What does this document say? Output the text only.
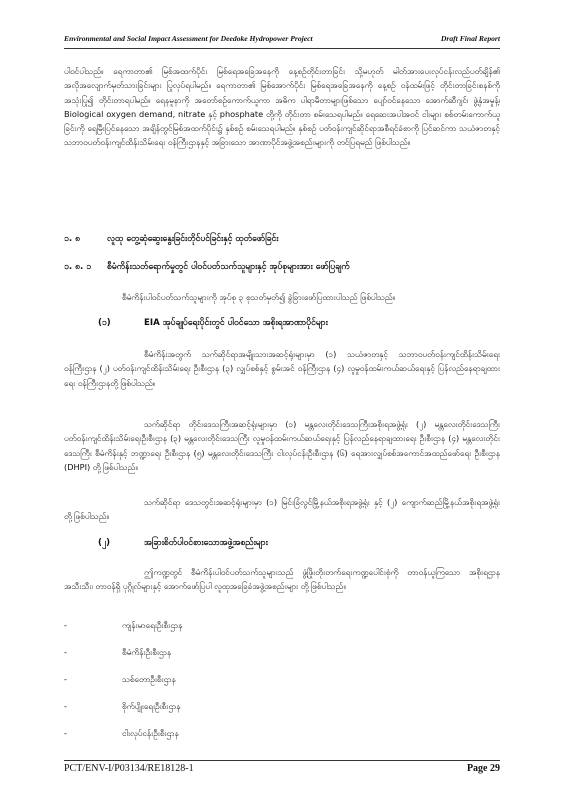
Environmental and Social Impact Assessment for Deedoke Hydropower Project	Draft Final Report
ပါဝင်ပါသည်။ ရေကာတာ၏ မြစ်အထက်ပိုင်း မြစ်ရေအခြေအနေကို နေ့စဉ်တိုင်းတာခြင်း သို့မဟုတ် မါတ်အားပေးလုပ်ငန်းလည်ပတ်ချိန်၏ အလိုအလျောက်မှတ်သားခြင်းများ ပြုလုပ်ရပါမည်။ ရေကာတာ၏ မြစ်အောက်ပိုင်း မြစ်ရေအခြေအနေကို နေ့စဉ် ဝန်ထမ်းဖြင့် တိုင်းတာခြင်းစနစ်ကို အသုံးပြု၍ တိုင်းတာရပါမည်။ ရေနမူနာကို အတော်စဉ်ကောက်ယူကာ အဓိက ပါရာမီတာများဖြစ်သော ပျော်ဝင်နေသော အောက်ဆီဂျင်၊ ဖွဲ့နှံအမှုန့်၊ Biological oxygen demand, nitrate နှင့် phosphate တို့ကို တိုင်းတာ စမ်းသေရပါမည်။ ရေဆေးအပါအဝင် ငါးများ စစ်တမ်းကောက်ယူခြင်းကို ရေမြီးပြင်နေသော အချိန်တွင်မြစ်အထက်ပိုင်း၌ နှစ်စဉ် စမ်းသေရပါမည်။ နှစ်စဉ် ပတ်ဝန်းကျင်ဆိုင်ရာအစီရင်ခံစာကို ပြင်ဆင်ကာ သယံဇာတနှင့် သဘာဝပတ်ဝန်းကျင်ထိန်းသိမ်းရေး ဝန်ကြီးဌာနနှင့် အခြားသော အာဏာပိုင်အဖွဲ့အစည်းများကို တင်ပြရမည် ဖြစ်ပါသည်။
၁. ၈	လူထု တွေ့ဆုံဆွေးနွေးခြင်းတိုင်ပင်ခြင်းနှင့် ထုတ်ဖော်ခြင်း
၁. ၈. ၁ စီမံကိန်းသတ်ရောက်မှုတွင် ပါဝင်ပတ်သက်သူများနှင့် အုပ်စုများအား ဖော်ပြချက်
စီမံကိန်းပါဝင်ပတ်သက်သူများကို အုပ်စု ၃ စုသတ်မှတ်၍ ခွဲခြားဖော်ပြထားပါသည် ဖြစ်ပါသည်။
(၁)	EIA အုပ်ချုပ်ရေးပိုင်းတွင် ပါဝင်သော အစိုးရအာဏာပိုင်များ
စီမံကိန်းအတွက် သက်ဆိုင်ရာအမျိုးသားအဆင့်ရုံးများမှာ (၁) သယံဇာတနှင့် သဘာဝပတ်ဝန်းကျင်ထိန်းသိမ်းရေး ဝန်ကြီးဌာန (၂) ပတ်ဝန်းကျင်ထိန်းသိမ်းရေး ဦးစီးဌာန (၃) လျှပ်စစ်နှင့် စွမ်းအင် ဝန်ကြီးဌာန (၄) လူမှုဝန်ထမ်းကယ်ဆယ်ရေးနှင့် ပြန်လည်နေရာချထားရေး ဝန်ကြီးဌာနတို့ဖြစ်ပါသည်။
သက်ဆိုင်ရာ တိုင်းဒေသကြီးအဆင့်ရုံးများမှာ (၁) မန္တလေးတိုင်းဒေသကြီးအစိုးရအဖွဲ့ရုံး (၂) မန္တလေးတိုင်းဒေသကြီး ပတ်ဝန်းကျင်ထိန်းသိမ်းရေးဦးစီးဌာန (၃) မန္တလေးတိုင်းဒေသကြီး လူမှုဝန်ထမ်းကယ်ဆယ်ရေးနှင့် ပြန်လည်နေရာချထားရေး ဦးစီးဌာန (၄) မန္တလေးတိုင်းဒေသကြီး စီမံကိန်းနှင့် ဘဏ္ဍာရေး ဦးစီးဌာန (၅) မန္တလေးတိုင်းဒေသကြီး ငါးလုပ်ငန်းဦးစီးဌာန (၆) ရေအားလျှပ်စစ်အကောင်အထည်ဖော်ရေး ဦးစီးဌာန (DHPI) တို့ဖြစ်ပါသည်။
သက်ဆိုင်ရာ ဒေသတွင်းအဆင့်ရုံးများမှာ (၁) မြင်းခြံလွင်မြို့နယ်အစိုးရအဖွဲ့ရုံး နှင့် (၂) ကျောက်ဆည်မြို့နယ်အစိုးရအဖွဲ့ရုံး တို့ဖြစ်ပါသည်။
(၂)	အခြားစိတ်ပါဝင်စားသောအဖွဲ့အစည်းများ
ဤကဏ္ဍတွင် စီမံကိန်းပါဝင်ပတ်သက်သူများသည် ဖွံ့ဖြိုးတိုးတက်ရေးကဏ္ဍပေါင်းစုံကို တာဝန်ယူကြသော အစိုးရဌာနအသီးသီး၊ တာဝန်ရှိ ပုဂ္ဂိုလ်များနှင့် အောက်ဖော်ပြပါ လူထုအခြေခံအဖွဲ့အစည်းများ တို့ဖြစ်ပါသည်။
-	ကျန်းမာရေးဦးစီးဌာန
-	စီမံကိန်းဦးစီးဌာန
-	သစ်တောဦးစီးဌာန
-	စိုက်ပျိုးရေးဦးစီးဌာန
-	ငါးလုပ်ငန်းဦးစီးဌာန
PCT/ENV-I/P03134/RE18128-1	Page 29
